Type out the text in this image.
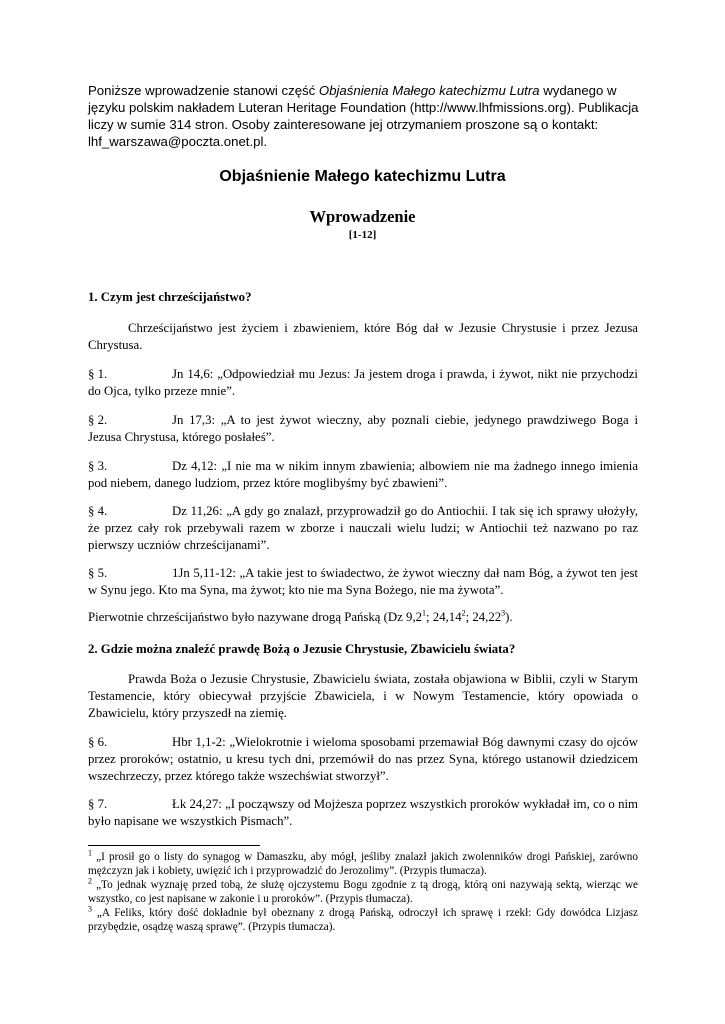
Poniższe wprowadzenie stanowi część Objaśnienia Małego katechizmu Lutra wydanego w języku polskim nakładem Luteran Heritage Foundation (http://www.lhfmissions.org). Publikacja liczy w sumie 314 stron. Osoby zainteresowane jej otrzymaniem proszone są o kontakt: lhf_warszawa@poczta.onet.pl.
Objaśnienie Małego katechizmu Lutra
Wprowadzenie
[1-12]
1. Czym jest chrześcijaństwo?
Chrześcijaństwo jest życiem i zbawieniem, które Bóg dał w Jezusie Chrystusie i przez Jezusa Chrystusa.
§ 1.	Jn 14,6: „Odpowiedział mu Jezus: Ja jestem droga i prawda, i żywot, nikt nie przychodzi do Ojca, tylko przeze mnie”.
§ 2.	Jn 17,3: „A to jest żywot wieczny, aby poznali ciebie, jedynego prawdziwego Boga i Jezusa Chrystusa, którego posłałeś”.
§ 3.	Dz 4,12: „I nie ma w nikim innym zbawienia; albowiem nie ma żadnego innego imienia pod niebem, danego ludziom, przez które moglibyśmy być zbawieni”.
§ 4.	Dz 11,26: „A gdy go znalazł, przyprowadził go do Antiochii. I tak się ich sprawy ułożyły, że przez cały rok przebywali razem w zborze i nauczali wielu ludzi; w Antiochii też nazwano po raz pierwszy uczniów chrześcijanami”.
§ 5.	1Jn 5,11-12: „A takie jest to świadectwo, że żywot wieczny dał nam Bóg, a żywot ten jest w Synu jego. Kto ma Syna, ma żywot; kto nie ma Syna Bożego, nie ma żywota”.
Pierwotnie chrześcijaństwo było nazywane drogą Pańską (Dz $9,2^1$; 24,14$^2$; 24,22$^3$).
2. Gdzie można znaleźć prawdę Bożą o Jezusie Chrystusie, Zbawicielu świata?
Prawda Boża o Jezusie Chrystusie, Zbawicielu świata, została objawiona w Biblii, czyli w Starym Testamencie, który obiecywał przyjście Zbawiciela, i w Nowym Testamencie, który opowiada o Zbawicielu, który przyszedł na ziemię.
§ 6.	Hbr 1,1-2: „Wielokrotnie i wieloma sposobami przemawiał Bóg dawnymi czasy do ojców przez proroków; ostatnio, u kresu tych dni, przemówił do nas przez Syna, którego ustanowił dziedzicem wszechrzeczy, przez którego także wszechświat stworzył”.
§ 7.	Łk 24,27: „I począwszy od Mojżesza poprzez wszystkich proroków wykładał im, co o nim było napisane we wszystkich Pismach”.
$^1$ „I prosił go o listy do synagog w Damaszku, aby mógł, jeśliby znalazł jakich zwolenników drogi Pańskiej, zarówno mężczyzn jak i kobiety, uwięzić ich i przyprowadzić do Jerozolimy”. (Przypis tłumacza).
$^2$ „To jednak wyznaję przed tobą, że służę ojczystemu Bogu zgodnie z tą drogą, którą oni nazywają sektą, wierząc we wszystko, co jest napisane w zakonie i u proroków”. (Przypis tłumacza).
$^3$ „A Feliks, który dość dokładnie był obeznany z drogą Pańską, odroczył ich sprawę i rzekł: Gdy dowódca Lizjasz przybędzie, osądzę waszą sprawę”. (Przypis tłumacza).
